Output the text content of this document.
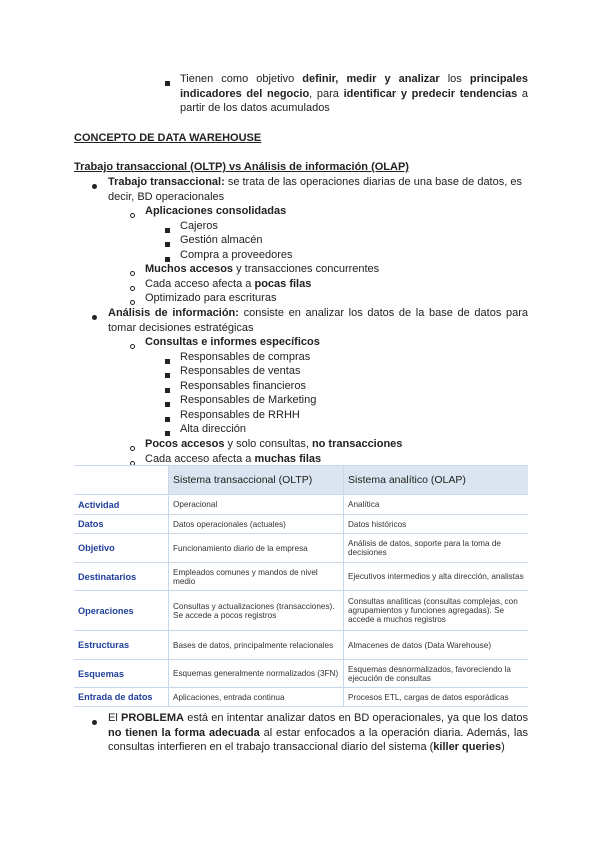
Tienen como objetivo definir, medir y analizar los principales indicadores del negocio, para identificar y predecir tendencias a partir de los datos acumulados
CONCEPTO DE DATA WAREHOUSE
Trabajo transaccional (OLTP) vs Análisis de información (OLAP)
Trabajo transaccional: se trata de las operaciones diarias de una base de datos, es decir, BD operacionales
Aplicaciones consolidadas
Cajeros
Gestión almacén
Compra a proveedores
Muchos accesos y transacciones concurrentes
Cada acceso afecta a pocas filas
Optimizado para escrituras
Análisis de información: consiste en analizar los datos de la base de datos para tomar decisiones estratégicas
Consultas e informes específicos
Responsables de compras
Responsables de ventas
Responsables financieros
Responsables de Marketing
Responsables de RRHH
Alta dirección
Pocos accesos y solo consultas, no transacciones
Cada acceso afecta a muchas filas
	Sistema transaccional (OLTP)	Sistema analítico (OLAP)
Actividad	Operacional	Analítica
Datos	Datos operacionales (actuales)	Datos históricos
Objetivo	Funcionamiento diario de la empresa	Análisis de datos, soporte para la toma de decisiones
Destinatarios	Empleados comunes y mandos de nivel medio	Ejecutivos intermedios y alta dirección, analistas
Operaciones	Consultas y actualizaciones (transacciones). Se accede a pocos registros	Consultas analíticas (consultas complejas, con agrupamientos y funciones agregadas). Se accede a muchos registros
Estructuras	Bases de datos, principalmente relacionales	Almacenes de datos (Data Warehouse)
Esquemas	Esquemas generalmente normalizados (3FN)	Esquemas desnormalizados, favoreciendo la ejecución de consultas
Entrada de datos	Aplicaciones, entrada continua	Procesos ETL, cargas de datos esporádicas
El PROBLEMA está en intentar analizar datos en BD operacionales, ya que los datos no tienen la forma adecuada al estar enfocados a la operación diaria. Además, las consultas interfieren en el trabajo transaccional diario del sistema (killer queries)
